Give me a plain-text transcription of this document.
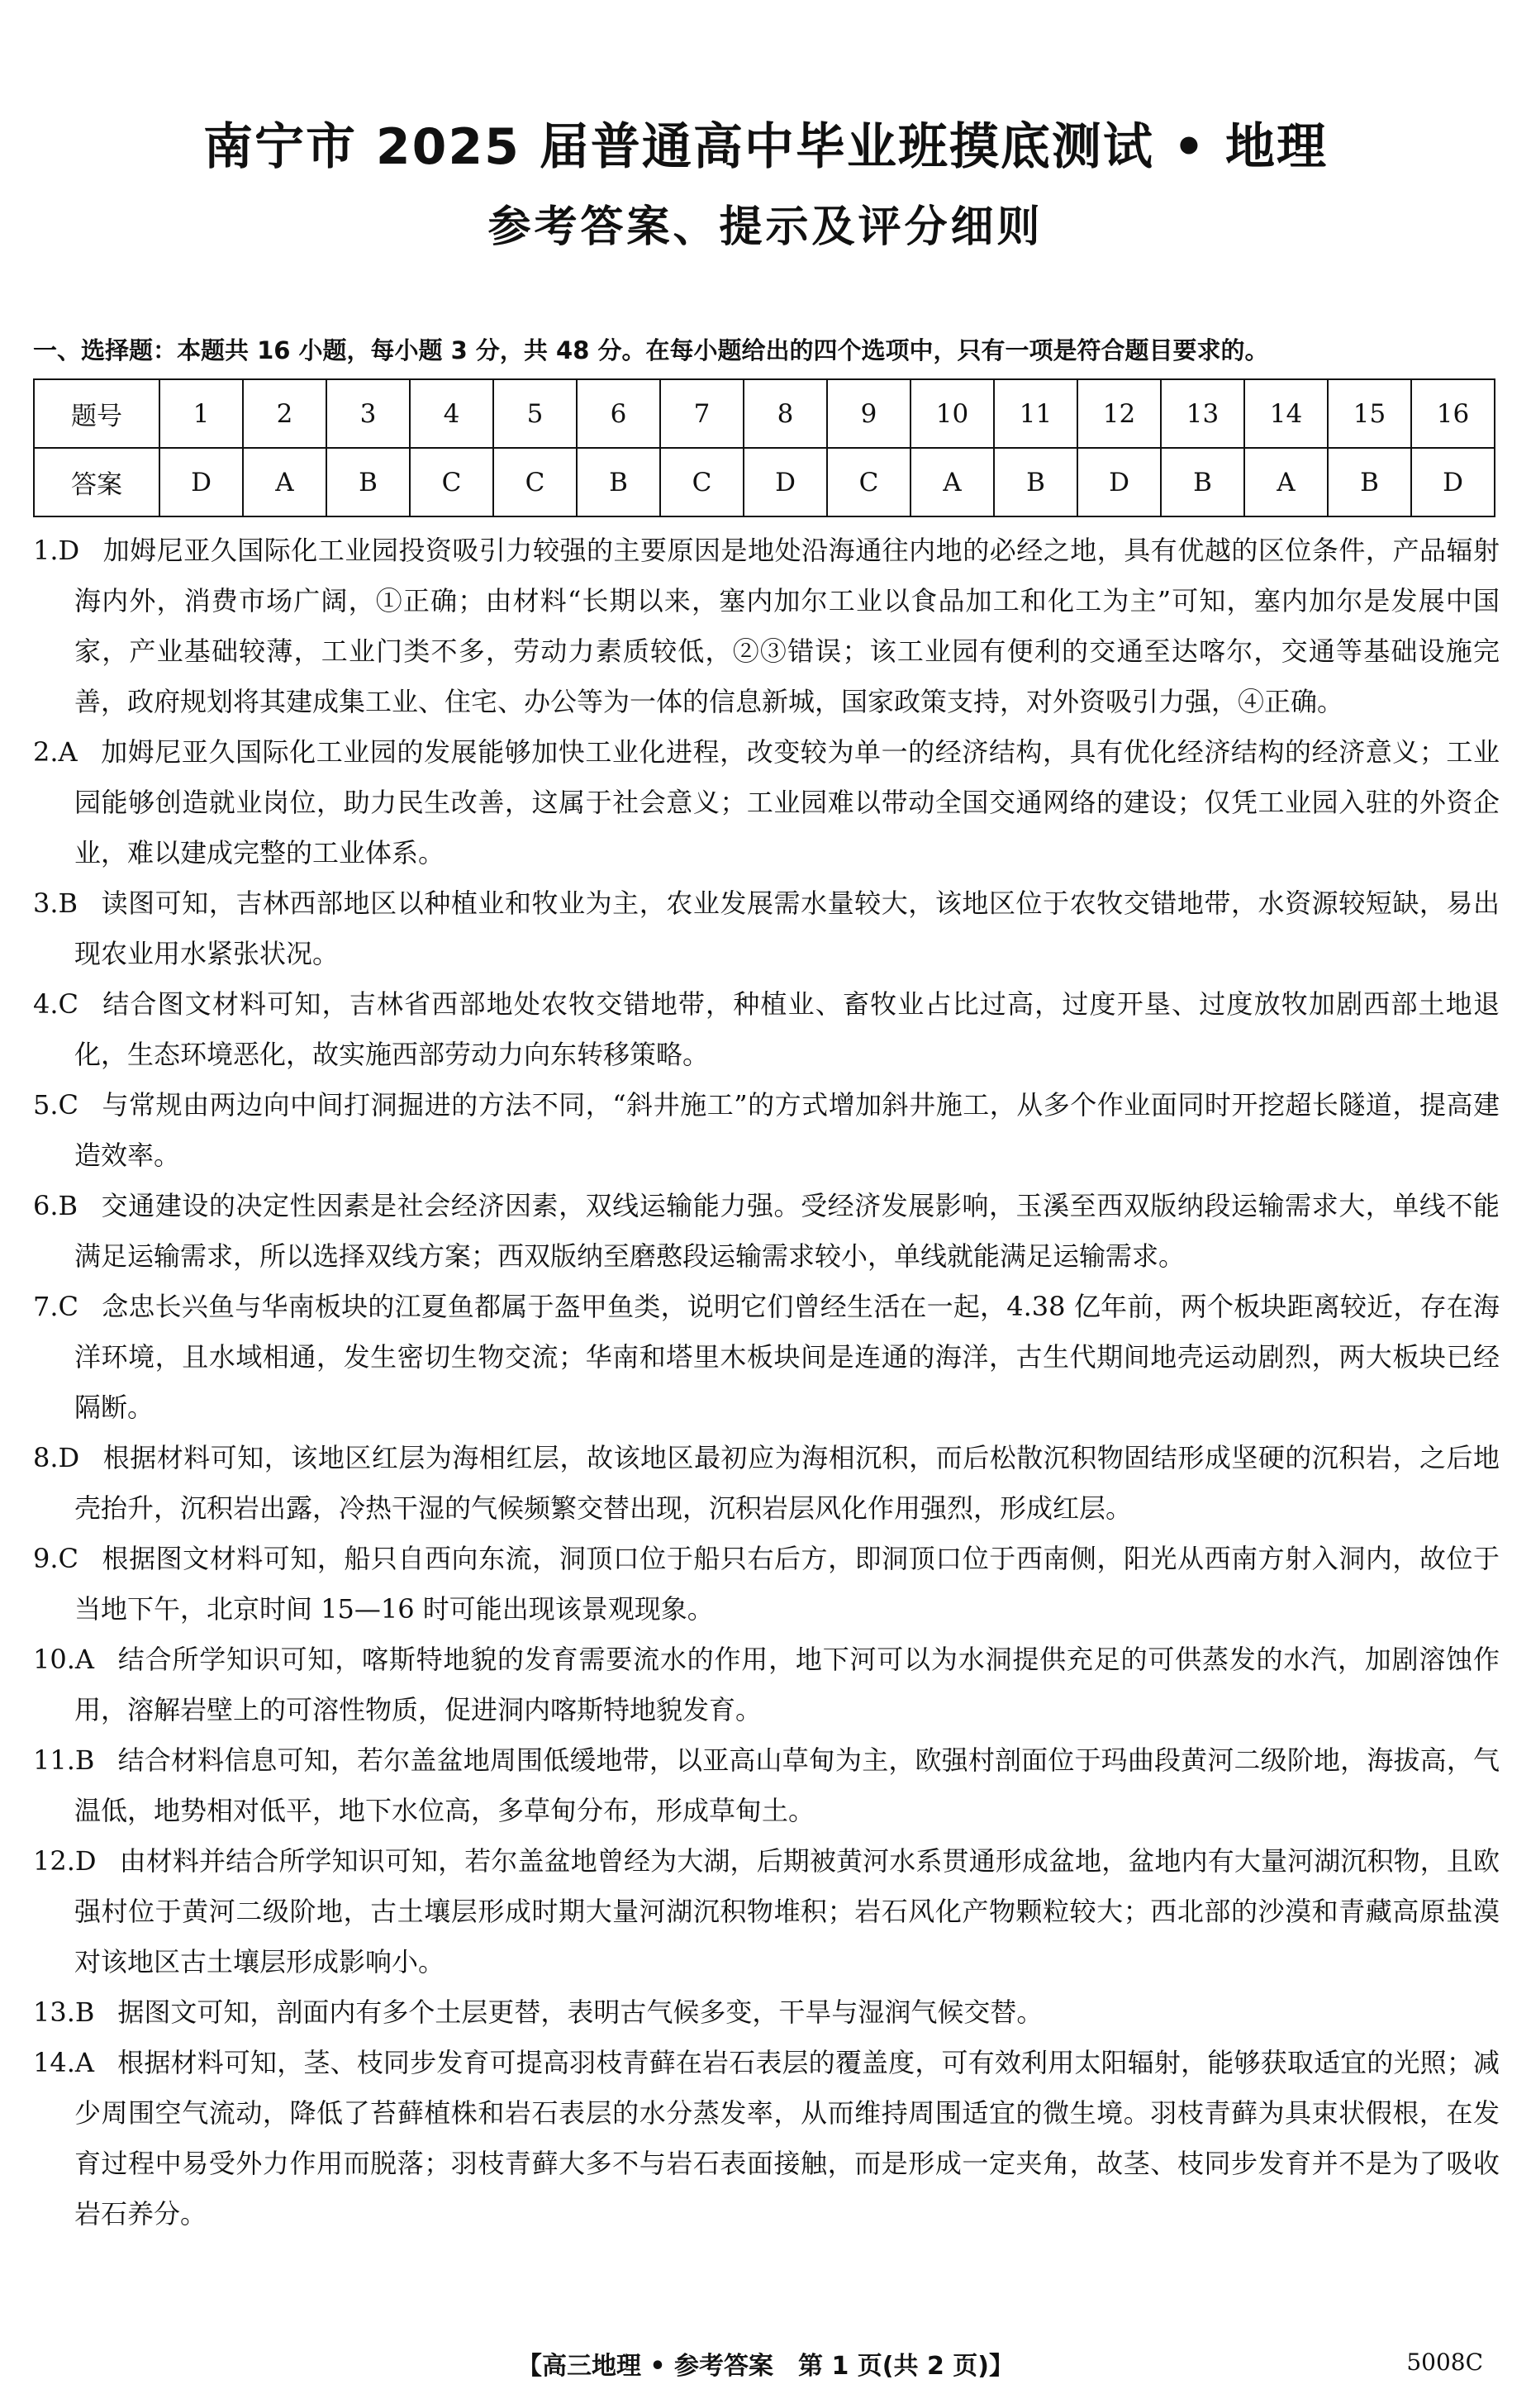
南宁市 2025 届普通高中毕业班摸底测试 • 地理
参考答案、提示及评分细则
一、选择题：本题共 16 小题，每小题 3 分，共 48 分。在每小题给出的四个选项中，只有一项是符合题目要求的。
题号	1	2	3	4	5	6	7	8	9	10	11	12	13	14	15	16
答案	D	A	B	C	C	B	C	D	C	A	B	D	B	A	B	D

1.D 加姆尼亚久国际化工业园投资吸引力较强的主要原因是地处沿海通往内地的必经之地，具有优越的区位条件，产品辐射海内外，消费市场广阔，①正确；由材料“长期以来，塞内加尔工业以食品加工和化工为主”可知，塞内加尔是发展中国家，产业基础较薄，工业门类不多，劳动力素质较低，②③错误；该工业园有便利的交通至达喀尔，交通等基础设施完善，政府规划将其建成集工业、住宅、办公等为一体的信息新城，国家政策支持，对外资吸引力强，④正确。

2.A 加姆尼亚久国际化工业园的发展能够加快工业化进程，改变较为单一的经济结构，具有优化经济结构的经济意义；工业园能够创造就业岗位，助力民生改善，这属于社会意义；工业园难以带动全国交通网络的建设；仅凭工业园入驻的外资企业，难以建成完整的工业体系。

3.B 读图可知，吉林西部地区以种植业和牧业为主，农业发展需水量较大，该地区位于农牧交错地带，水资源较短缺，易出现农业用水紧张状况。

4.C 结合图文材料可知，吉林省西部地处农牧交错地带，种植业、畜牧业占比过高，过度开垦、过度放牧加剧西部土地退化，生态环境恶化，故实施西部劳动力向东转移策略。

5.C 与常规由两边向中间打洞掘进的方法不同，“斜井施工”的方式增加斜井施工，从多个作业面同时开挖超长隧道，提高建造效率。

6.B 交通建设的决定性因素是社会经济因素，双线运输能力强。受经济发展影响，玉溪至西双版纳段运输需求大，单线不能满足运输需求，所以选择双线方案；西双版纳至磨憨段运输需求较小，单线就能满足运输需求。

7.C 念忠长兴鱼与华南板块的江夏鱼都属于盔甲鱼类，说明它们曾经生活在一起，4.38 亿年前，两个板块距离较近，存在海洋环境，且水域相通，发生密切生物交流；华南和塔里木板块间是连通的海洋，古生代期间地壳运动剧烈，两大板块已经隔断。

8.D 根据材料可知，该地区红层为海相红层，故该地区最初应为海相沉积，而后松散沉积物固结形成坚硬的沉积岩，之后地壳抬升，沉积岩出露，冷热干湿的气候频繁交替出现，沉积岩层风化作用强烈，形成红层。

9.C 根据图文材料可知，船只自西向东流，洞顶口位于船只右后方，即洞顶口位于西南侧，阳光从西南方射入洞内，故位于当地下午，北京时间 15—16 时可能出现该景观现象。

10.A 结合所学知识可知，喀斯特地貌的发育需要流水的作用，地下河可以为水洞提供充足的可供蒸发的水汽，加剧溶蚀作用，溶解岩壁上的可溶性物质，促进洞内喀斯特地貌发育。

11.B 结合材料信息可知，若尔盖盆地周围低缓地带，以亚高山草甸为主，欧强村剖面位于玛曲段黄河二级阶地，海拔高，气温低，地势相对低平，地下水位高，多草甸分布，形成草甸土。

12.D 由材料并结合所学知识可知，若尔盖盆地曾经为大湖，后期被黄河水系贯通形成盆地，盆地内有大量河湖沉积物，且欧强村位于黄河二级阶地，古土壤层形成时期大量河湖沉积物堆积；岩石风化产物颗粒较大；西北部的沙漠和青藏高原盐漠对该地区古土壤层形成影响小。

13.B 据图文可知，剖面内有多个土层更替，表明古气候多变，干旱与湿润气候交替。

14.A 根据材料可知，茎、枝同步发育可提高羽枝青藓在岩石表层的覆盖度，可有效利用太阳辐射，能够获取适宜的光照；减少周围空气流动，降低了苔藓植株和岩石表层的水分蒸发率，从而维持周围适宜的微生境。羽枝青藓为具束状假根，在发育过程中易受外力作用而脱落；羽枝青藓大多不与岩石表面接触，而是形成一定夹角，故茎、枝同步发育并不是为了吸收岩石养分。

【高三地理 • 参考答案　第 1 页(共 2 页)】	5008C
